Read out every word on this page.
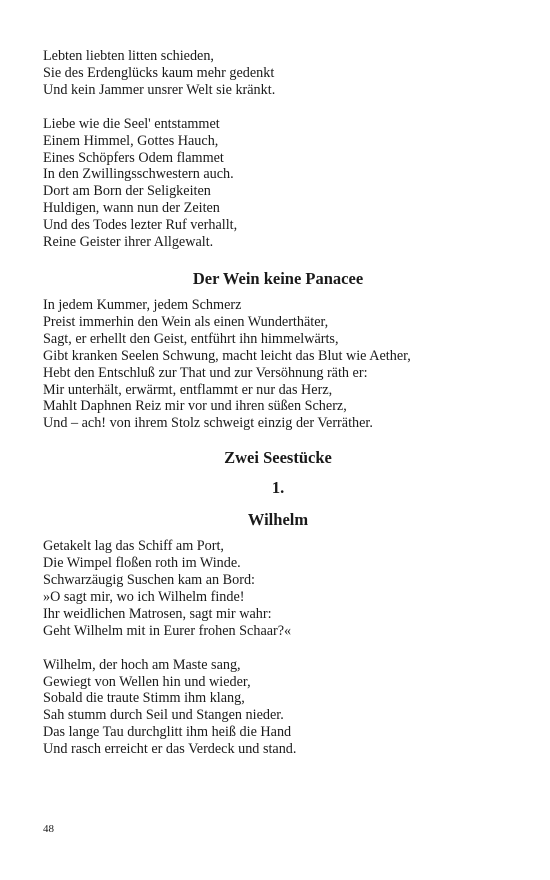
Lebten liebten litten schieden,
Sie des Erdenglücks kaum mehr gedenkt
Und kein Jammer unsrer Welt sie kränkt.
Liebe wie die Seel' entstammet
Einem Himmel, Gottes Hauch,
Eines Schöpfers Odem flammet
In den Zwillingsschwestern auch.
Dort am Born der Seligkeiten
Huldigen, wann nun der Zeiten
Und des Todes lezter Ruf verhallt,
Reine Geister ihrer Allgewalt.
Der Wein keine Panacee
In jedem Kummer, jedem Schmerz
Preist immerhin den Wein als einen Wunderthäter,
Sagt, er erhellt den Geist, entführt ihn himmelwärts,
Gibt kranken Seelen Schwung, macht leicht das Blut wie Aether,
Hebt den Entschluß zur That und zur Versöhnung räth er:
Mir unterhält, erwärmt, entflammt er nur das Herz,
Mahlt Daphnen Reiz mir vor und ihren süßen Scherz,
Und – ach! von ihrem Stolz schweigt einzig der Verräther.
Zwei Seestücke
1.
Wilhelm
Getakelt lag das Schiff am Port,
Die Wimpel floßen roth im Winde.
Schwarzäugig Suschen kam an Bord:
»O sagt mir, wo ich Wilhelm finde!
Ihr weidlichen Matrosen, sagt mir wahr:
Geht Wilhelm mit in Eurer frohen Schaar?«
Wilhelm, der hoch am Maste sang,
Gewiegt von Wellen hin und wieder,
Sobald die traute Stimm ihm klang,
Sah stumm durch Seil und Stangen nieder.
Das lange Tau durchglitt ihm heiß die Hand
Und rasch erreicht er das Verdeck und stand.
48
